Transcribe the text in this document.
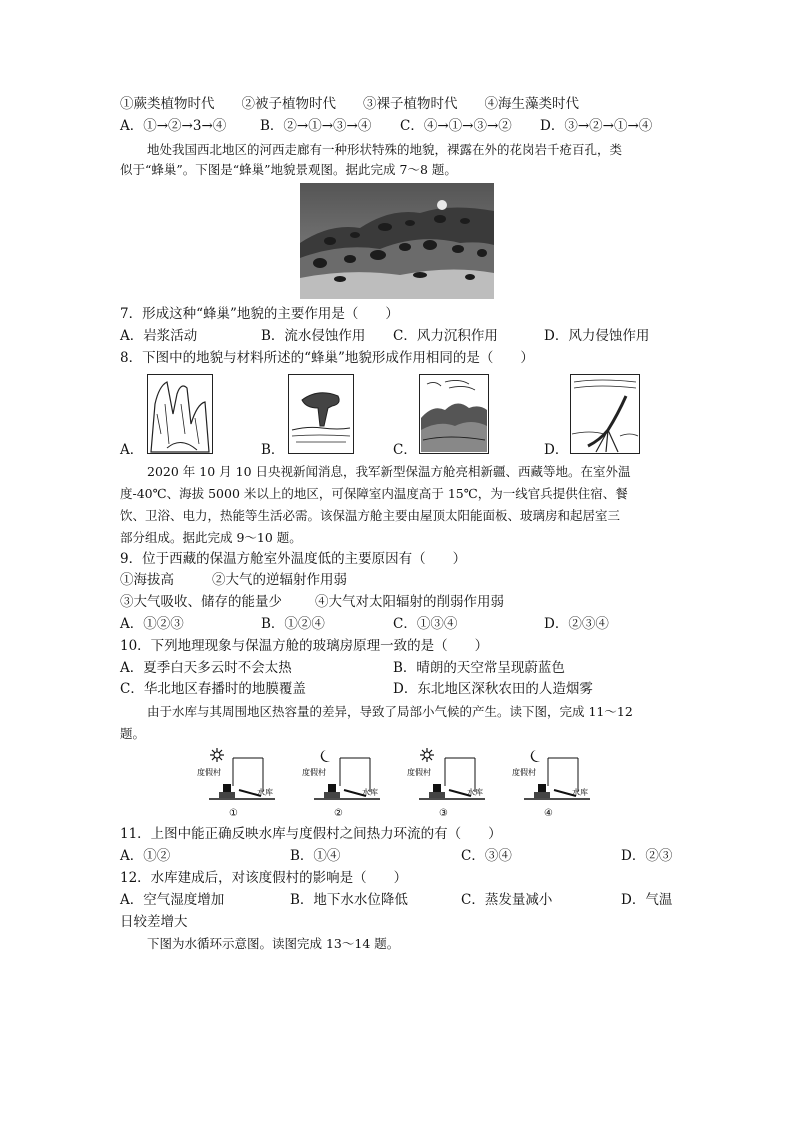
①蕨类植物时代　　②被子植物时代　　③裸子植物时代　　④海生藻类时代
A．①→②→3→④ B．②→①→③→④ C．④→①→③→② D．③→②→①→④
地处我国西北地区的河西走廊有一种形状特殊的地貌，裸露在外的花岗岩千疮百孔，类
似于“蜂巢”。下图是“蜂巢”地貌景观图。据此完成 7～8 题。
7．形成这种“蜂巢”地貌的主要作用是（　　）
A．岩浆活动	B．流水侵蚀作用 C．风力沉积作用	D．风力侵蚀作用
8．下图中的地貌与材料所述的“蜂巢”地貌形成作用相同的是（　　）
A．	B．	C．	D．
2020 年 10 月 10 日央视新闻消息，我军新型保温方舱亮相新疆、西藏等地。在室外温
度-40℃、海拔 5000 米以上的地区，可保障室内温度高于 15℃，为一线官兵提供住宿、餐
饮、卫浴、电力，热能等生活必需。该保温方舱主要由屋顶太阳能面板、玻璃房和起居室三
部分组成。据此完成 9～10 题。
9．位于西藏的保温方舱室外温度低的主要原因有（　　）
①海拔高	②大气的逆辐射作用弱
③大气吸收、储存的能量少 ④大气对太阳辐射的削弱作用弱
A．①②③	B．①②④	C．①③④	D．②③④
10．下列地理现象与保温方舱的玻璃房原理一致的是（　　）
A．夏季白天多云时不会太热	B．晴朗的天空常呈现蔚蓝色
C．华北地区春播时的地膜覆盖	D．东北地区深秋农田的人造烟雾
由于水库与其周围地区热容量的差异，导致了局部小气候的产生。读下图，完成 11～12
题。
度假村
水库
①
度假村
水库
②
度假村
水库
③
度假村
水库
④
11．上图中能正确反映水库与度假村之间热力环流的有（　　）
A．①②	B．①④	C．③④	D．②③
12．水库建成后，对该度假村的影响是（　　）
A．空气湿度增加	B．地下水水位降低	C．蒸发量减小	D．气温
日较差增大
下图为水循环示意图。读图完成 13～14 题。
